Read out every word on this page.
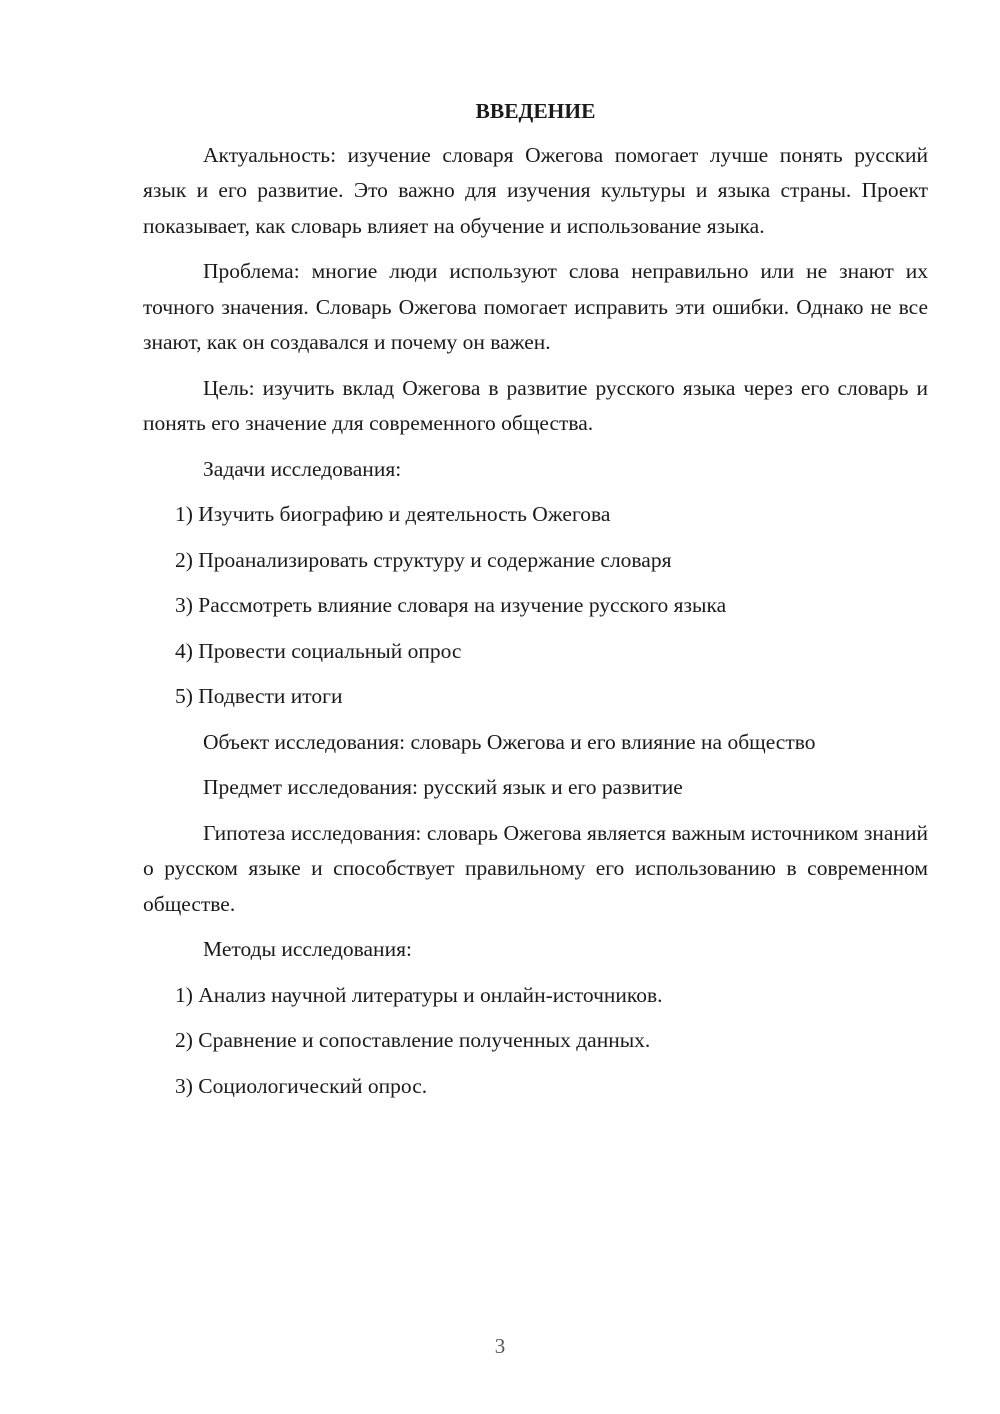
ВВЕДЕНИЕ

Актуальность: изучение словаря Ожегова помогает лучше понять русский язык и его развитие. Это важно для изучения культуры и языка страны. Проект показывает, как словарь влияет на обучение и использование языка.

Проблема: многие люди используют слова неправильно или не знают их точного значения. Словарь Ожегова помогает исправить эти ошибки. Однако не все знают, как он создавался и почему он важен.

Цель: изучить вклад Ожегова в развитие русского языка через его словарь и понять его значение для современного общества.

Задачи исследования:

1) Изучить биографию и деятельность Ожегова

2) Проанализировать структуру и содержание словаря

3) Рассмотреть влияние словаря на изучение русского языка

4) Провести социальный опрос

5) Подвести итоги

Объект исследования: словарь Ожегова и его влияние на общество

Предмет исследования: русский язык и его развитие

Гипотеза исследования: словарь Ожегова является важным источником знаний о русском языке и способствует правильному его использованию в современном обществе.

Методы исследования:

1) Анализ научной литературы и онлайн-источников.

2) Сравнение и сопоставление полученных данных.

3) Социологический опрос.

3
